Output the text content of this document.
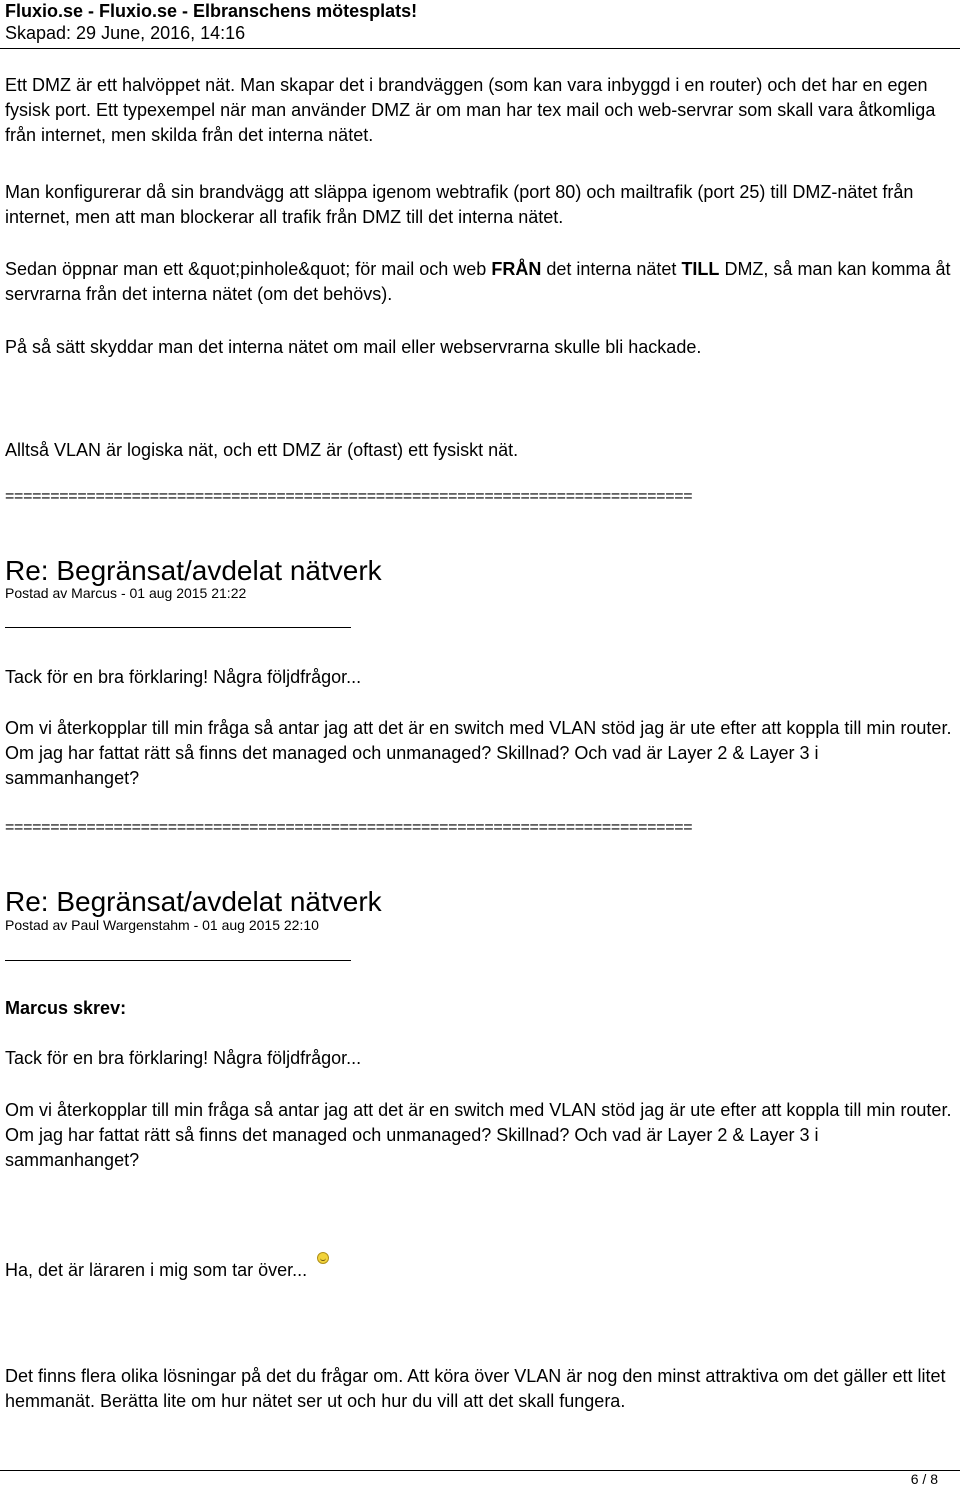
Fluxio.se - Fluxio.se - Elbranschens mötesplats!
Skapad: 29 June, 2016, 14:16

Ett DMZ är ett halvöppet nät. Man skapar det i brandväggen (som kan vara inbyggd i en router) och det har en egen fysisk port. Ett typexempel när man använder DMZ är om man har tex mail och web-servrar som skall vara åtkomliga från internet, men skilda från det interna nätet.

Man konfigurerar då sin brandvägg att släppa igenom webtrafik (port 80) och mailtrafik (port 25) till DMZ-nätet från internet, men att man blockerar all trafik från DMZ till det interna nätet.

Sedan öppnar man ett &quot;pinhole&quot; för mail och web FRÅN det interna nätet TILL DMZ, så man kan komma åt servrarna från det interna nätet (om det behövs).

På så sätt skyddar man det interna nätet om mail eller webservrarna skulle bli hackade.

Alltså VLAN är logiska nät, och ett DMZ är (oftast) ett fysiskt nät.

============================================================================
Re: Begränsat/avdelat nätverk
Postad av Marcus - 01 aug 2015 21:22

Tack för en bra förklaring! Några följdfrågor...

Om vi återkopplar till min fråga så antar jag att det är en switch med VLAN stöd jag är ute efter att koppla till min router. Om jag har fattat rätt så finns det managed och unmanaged? Skillnad? Och vad är Layer 2 & Layer 3 i sammanhanget?

============================================================================
Re: Begränsat/avdelat nätverk
Postad av Paul Wargenstahm - 01 aug 2015 22:10
Marcus skrev:

Tack för en bra förklaring! Några följdfrågor...

Om vi återkopplar till min fråga så antar jag att det är en switch med VLAN stöd jag är ute efter att koppla till min router. Om jag har fattat rätt så finns det managed och unmanaged? Skillnad? Och vad är Layer 2 & Layer 3 i sammanhanget?

Ha, det är läraren i mig som tar över...

Det finns flera olika lösningar på det du frågar om. Att köra över VLAN är nog den minst attraktiva om det gäller ett litet hemmanät. Berätta lite om hur nätet ser ut och hur du vill att det skall fungera.

6 / 8
